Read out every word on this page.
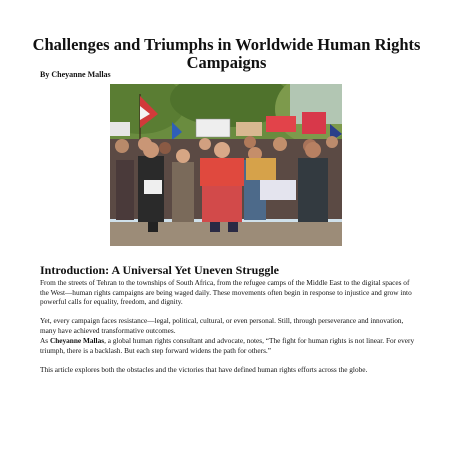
Challenges and Triumphs in Worldwide Human Rights Campaigns

By Cheyanne Mallas

Introduction: A Universal Yet Uneven Struggle

From the streets of Tehran to the townships of South Africa, from the refugee camps of the Middle East to the digital spaces of the West—human rights campaigns are being waged daily. These movements often begin in response to injustice and grow into powerful calls for equality, freedom, and dignity.

Yet, every campaign faces resistance—legal, political, cultural, or even personal. Still, through perseverance and innovation, many have achieved transformative outcomes.

As Cheyanne Mallas, a global human rights consultant and advocate, notes, “The fight for human rights is not linear. For every triumph, there is a backlash. But each step forward widens the path for others.”

This article explores both the obstacles and the victories that have defined human rights efforts across the globe.
